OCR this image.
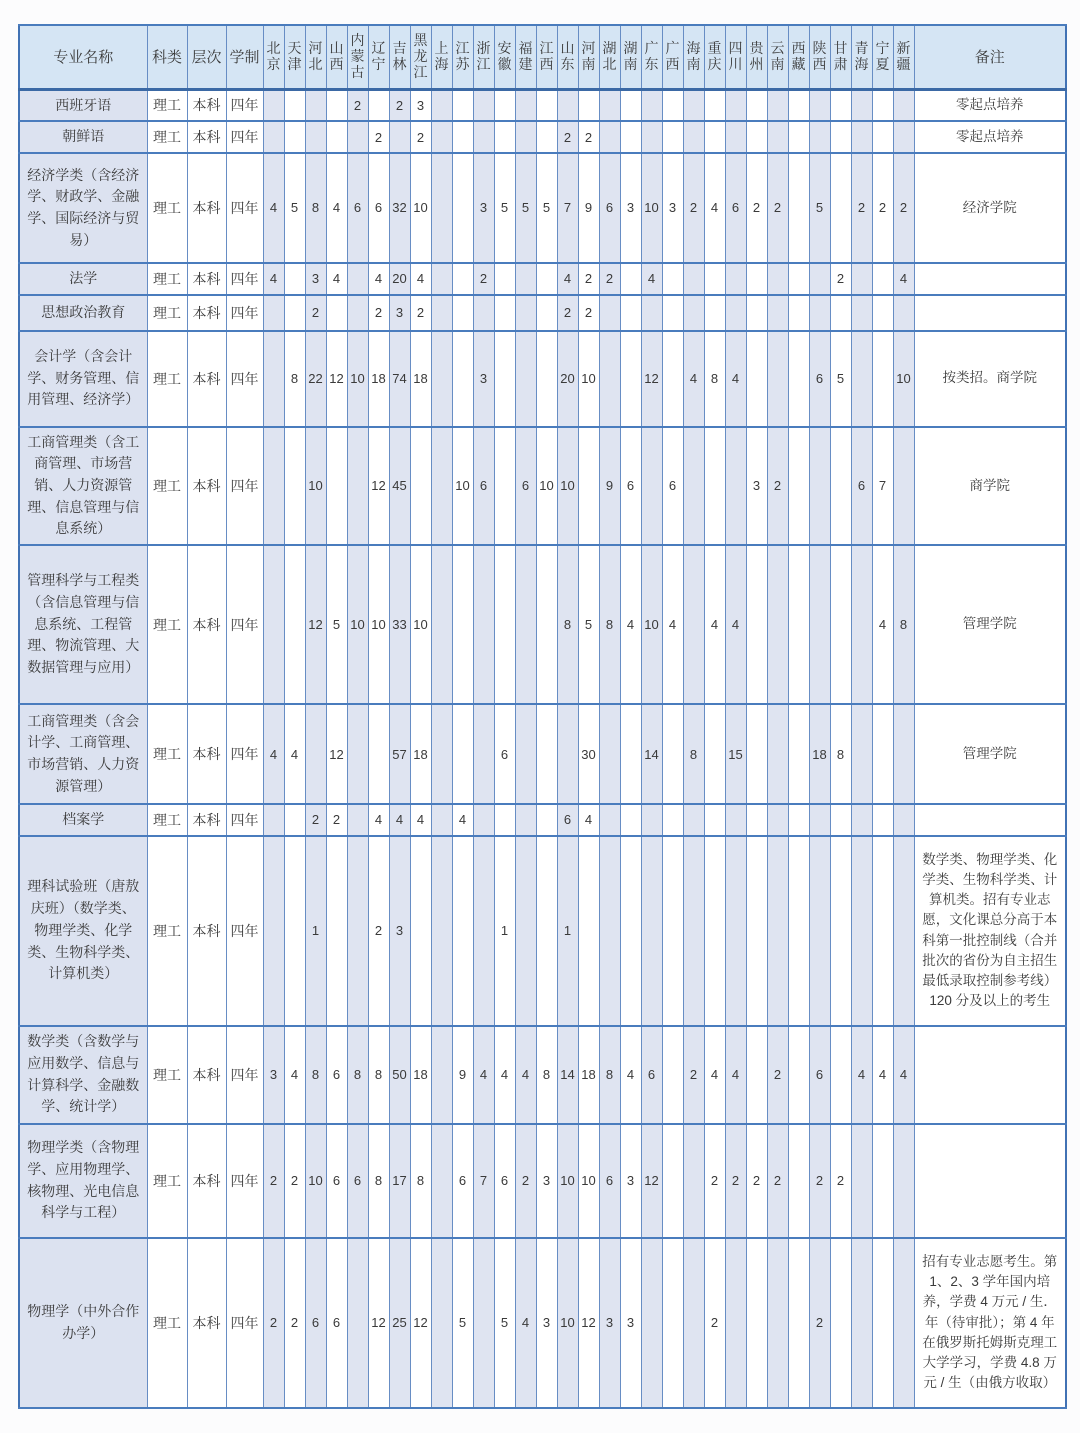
专业名称	科类	层次	学制	北京	天津	河北	山西	内蒙古	辽宁	吉林	黑龙江	上海	江苏	浙江	安徽	福建	江西	山东	河南	湖北	湖南	广东	广西	海南	重庆	四川	贵州	云南	西藏	陕西	甘肃	青海	宁夏	新疆	备注
西班牙语	理工	本科	四年					2		2	3																								零起点培养
朝鲜语	理工	本科	四年						2		2							2	2																零起点培养
经济学类（含经济学、财政学、金融学、国际经济与贸易）	理工	本科	四年	4	5	8	4	6	6	32	10			3	5	5	5	7	9	6	3	10	3	2	4	6	2	2		5		2	2	2	经济学院
法学	理工	本科	四年	4		3	4		4	20	4			2				4	2	2		4									2			4	
思想政治教育	理工	本科	四年			2			2	3	2							2	2																
会计学（含会计学、财务管理、信用管理、经济学）	理工	本科	四年		8	22	12	10	18	74	18			3				20	10			12		4	8	4				6	5			10	按类招。商学院
工商管理类（含工商管理、市场营销、人力资源管理、信息管理与信息系统）	理工	本科	四年			10			12	45			10	6		6	10	10		9	6		6				3	2				6	7		商学院
管理科学与工程类（含信息管理与信息系统、工程管理、物流管理、大数据管理与应用）	理工	本科	四年			12	5	10	10	33	10							8	5	8	4	10	4		4	4							4	8	管理学院
工商管理类（含会计学、工商管理、市场营销、人力资源管理）	理工	本科	四年	4	4		12			57	18				6				30			14		8		15				18	8				管理学院
档案学	理工	本科	四年			2	2		4	4	4		4					6	4																
理科试验班（唐敖庆班）（数学类、物理学类、化学类、生物科学类、计算机类）	理工	本科	四年			1			2	3					1			1																	数学类、物理学类、化学类、生物科学类、计算机类。招有专业志愿，文化课总分高于本科第一批控制线（合并批次的省份为自主招生最低录取控制参考线）120 分及以上的考生
数学类（含数学与应用数学、信息与计算科学、金融数学、统计学）	理工	本科	四年	3	4	8	6	8	8	50	18		9	4	4	4	8	14	18	8	4	6		2	4	4		2		6		4	4	4	
物理学类（含物理学、应用物理学、核物理、光电信息科学与工程）	理工	本科	四年	2	2	10	6	6	8	17	8		6	7	6	2	3	10	10	6	3	12			2	2	2	2		2	2				
物理学（中外合作办学）	理工	本科	四年	2	2	6	6		12	25	12		5		5	4	3	10	12	3	3				2					2					招有专业志愿考生。第 1、2、3 学年国内培养，学费 4 万元 / 生．年（待审批）；第 4 年在俄罗斯托姆斯克理工大学学习，学费 4.8 万元 / 生（由俄方收取）
